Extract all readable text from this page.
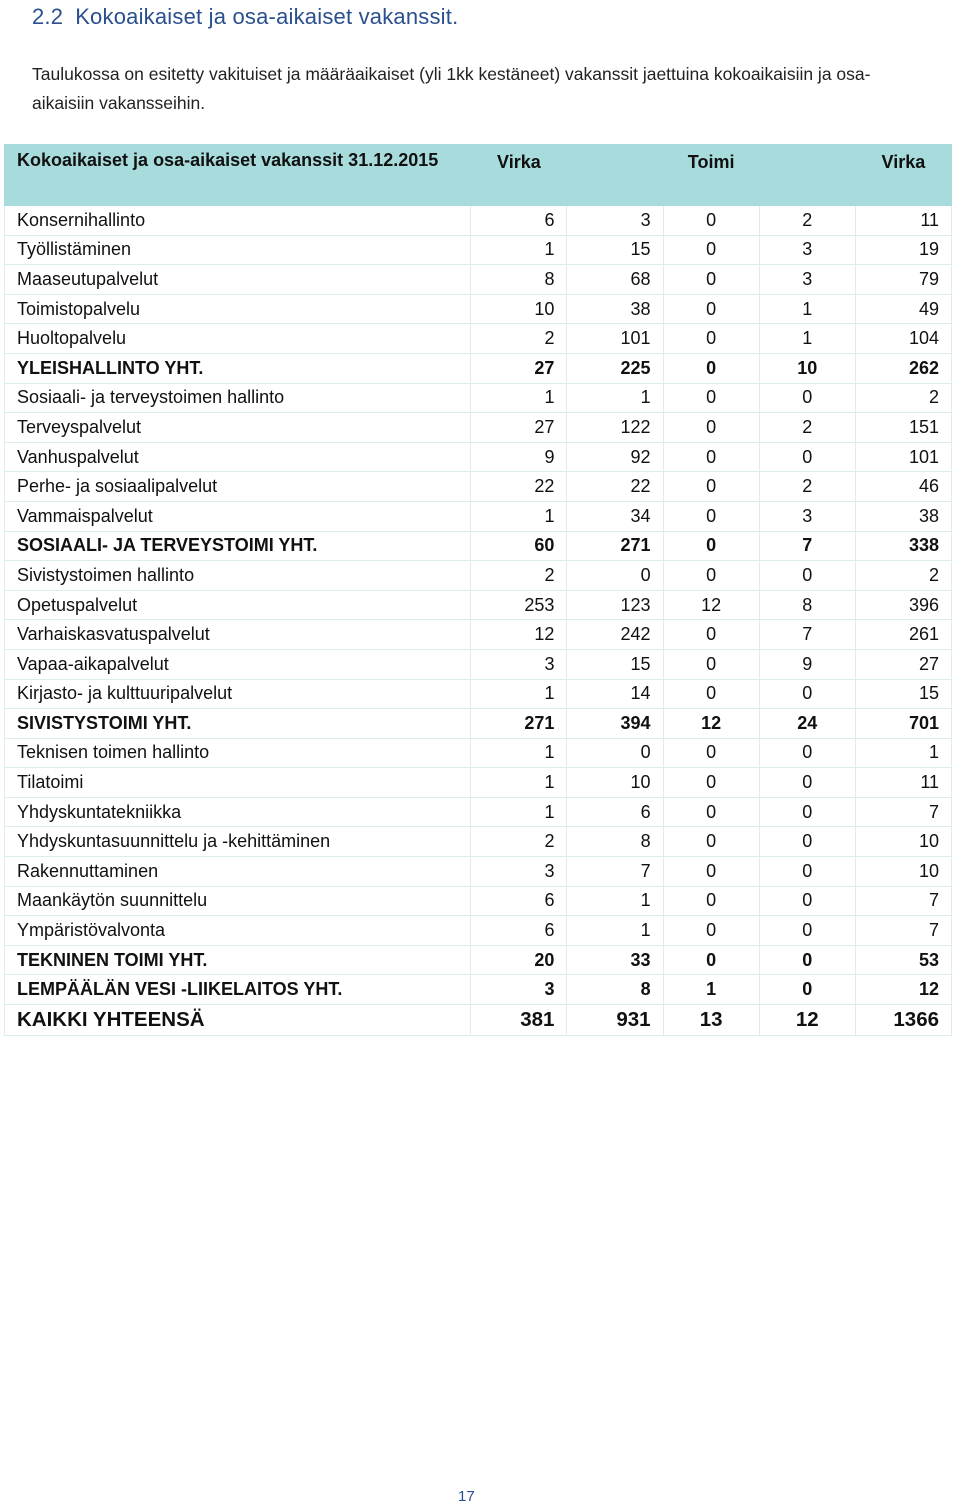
2.2 Kokoaikaiset ja osa-aikaiset vakanssit.
Taulukossa on esitetty vakituiset ja määräaikaiset (yli 1kk kestäneet) vakanssit jaettuina kokoaikaisiin ja osa-aikaisiin vakansseihin.
Kokoaikaiset ja osa-aikaiset vakanssit 31.12.2015	Virka		Toimi		Virka
Konsernihallinto	6	3	0	2	11
Työllistäminen	1	15	0	3	19
Maaseutupalvelut	8	68	0	3	79
Toimistopalvelu	10	38	0	1	49
Huoltopalvelu	2	101	0	1	104
YLEISHALLINTO YHT.	27	225	0	10	262
Sosiaali- ja terveystoimen hallinto	1	1	0	0	2
Terveyspalvelut	27	122	0	2	151
Vanhuspalvelut	9	92	0	0	101
Perhe- ja sosiaalipalvelut	22	22	0	2	46
Vammaispalvelut	1	34	0	3	38
SOSIAALI- JA TERVEYSTOIMI YHT.	60	271	0	7	338
Sivistystoimen hallinto	2	0	0	0	2
Opetuspalvelut	253	123	12	8	396
Varhaiskasvatuspalvelut	12	242	0	7	261
Vapaa-aikapalvelut	3	15	0	9	27
Kirjasto- ja kulttuuripalvelut	1	14	0	0	15
SIVISTYSTOIMI YHT.	271	394	12	24	701
Teknisen toimen hallinto	1	0	0	0	1
Tilatoimi	1	10	0	0	11
Yhdyskuntatekniikka	1	6	0	0	7
Yhdyskuntasuunnittelu ja -kehittäminen	2	8	0	0	10
Rakennuttaminen	3	7	0	0	10
Maankäytön suunnittelu	6	1	0	0	7
Ympäristövalvonta	6	1	0	0	7
TEKNINEN TOIMI YHT.	20	33	0	0	53
LEMPÄÄLÄN VESI -LIIKELAITOS YHT.	3	8	1	0	12
KAIKKI YHTEENSÄ	381	931	13	12	1366
17
